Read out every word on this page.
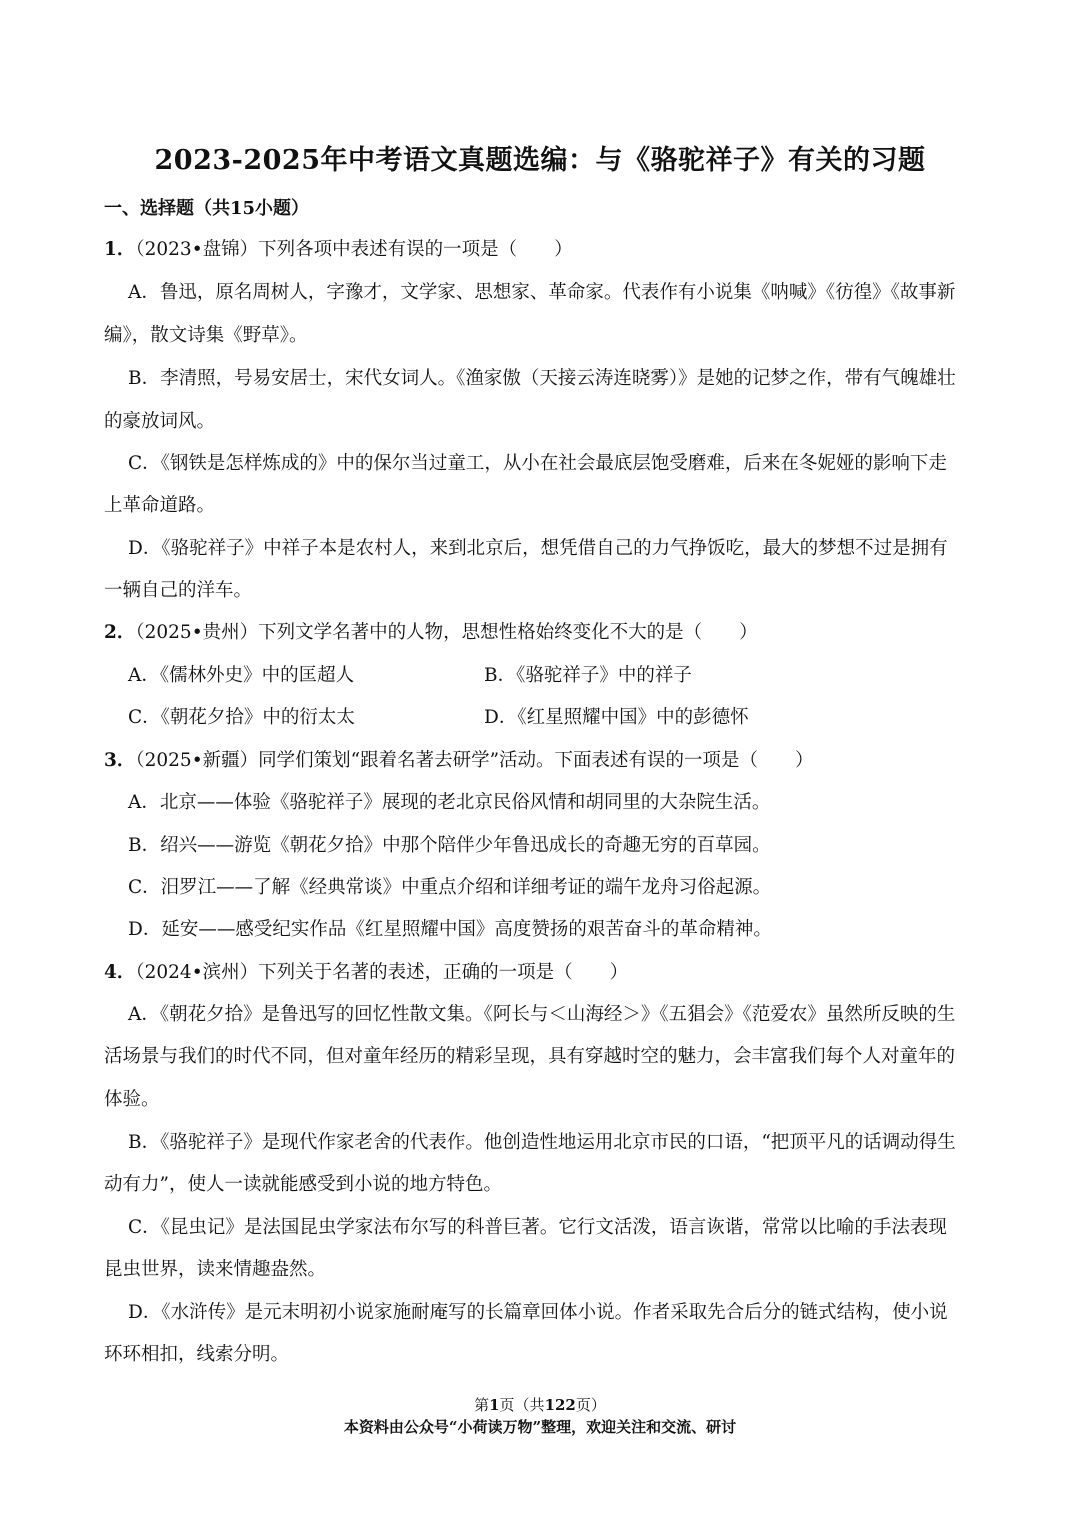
2023-2025年中考语文真题选编：与《骆驼祥子》有关的习题
一、选择题（共15小题）
1．（2023•盘锦）下列各项中表述有误的一项是（　　）
A．鲁迅，原名周树人，字豫才，文学家、思想家、革命家。代表作有小说集《呐喊》《彷徨》《故事新
编》，散文诗集《野草》。
B．李清照，号易安居士，宋代女词人。《渔家傲（天接云涛连晓雾）》是她的记梦之作，带有气魄雄壮
的豪放词风。
C．《钢铁是怎样炼成的》中的保尔当过童工，从小在社会最底层饱受磨难，后来在冬妮娅的影响下走
上革命道路。
D．《骆驼祥子》中祥子本是农村人，来到北京后，想凭借自己的力气挣饭吃，最大的梦想不过是拥有
一辆自己的洋车。
2．（2025•贵州）下列文学名著中的人物，思想性格始终变化不大的是（　　）
A．《儒林外史》中的匡超人	B．《骆驼祥子》中的祥子
C．《朝花夕拾》中的衍太太	D．《红星照耀中国》中的彭德怀
3．（2025•新疆）同学们策划“跟着名著去研学”活动。下面表述有误的一项是（　　）
A．北京——体验《骆驼祥子》展现的老北京民俗风情和胡同里的大杂院生活。
B．绍兴——游览《朝花夕拾》中那个陪伴少年鲁迅成长的奇趣无穷的百草园。
C．汨罗江——了解《经典常谈》中重点介绍和详细考证的端午龙舟习俗起源。
D．延安——感受纪实作品《红星照耀中国》高度赞扬的艰苦奋斗的革命精神。
4．（2024•滨州）下列关于名著的表述，正确的一项是（　　）
A．《朝花夕拾》是鲁迅写的回忆性散文集。《阿长与＜山海经＞》《五猖会》《范爱农》虽然所反映的生
活场景与我们的时代不同，但对童年经历的精彩呈现，具有穿越时空的魅力，会丰富我们每个人对童年的
体验。
B．《骆驼祥子》是现代作家老舍的代表作。他创造性地运用北京市民的口语，“把顶平凡的话调动得生
动有力”，使人一读就能感受到小说的地方特色。
C．《昆虫记》是法国昆虫学家法布尔写的科普巨著。它行文活泼，语言诙谐，常常以比喻的手法表现
昆虫世界，读来情趣盎然。
D．《水浒传》是元末明初小说家施耐庵写的长篇章回体小说。作者采取先合后分的链式结构，使小说
环环相扣，线索分明。
第1页（共122页）
本资料由公众号“小荷读万物”整理，欢迎关注和交流、研讨
